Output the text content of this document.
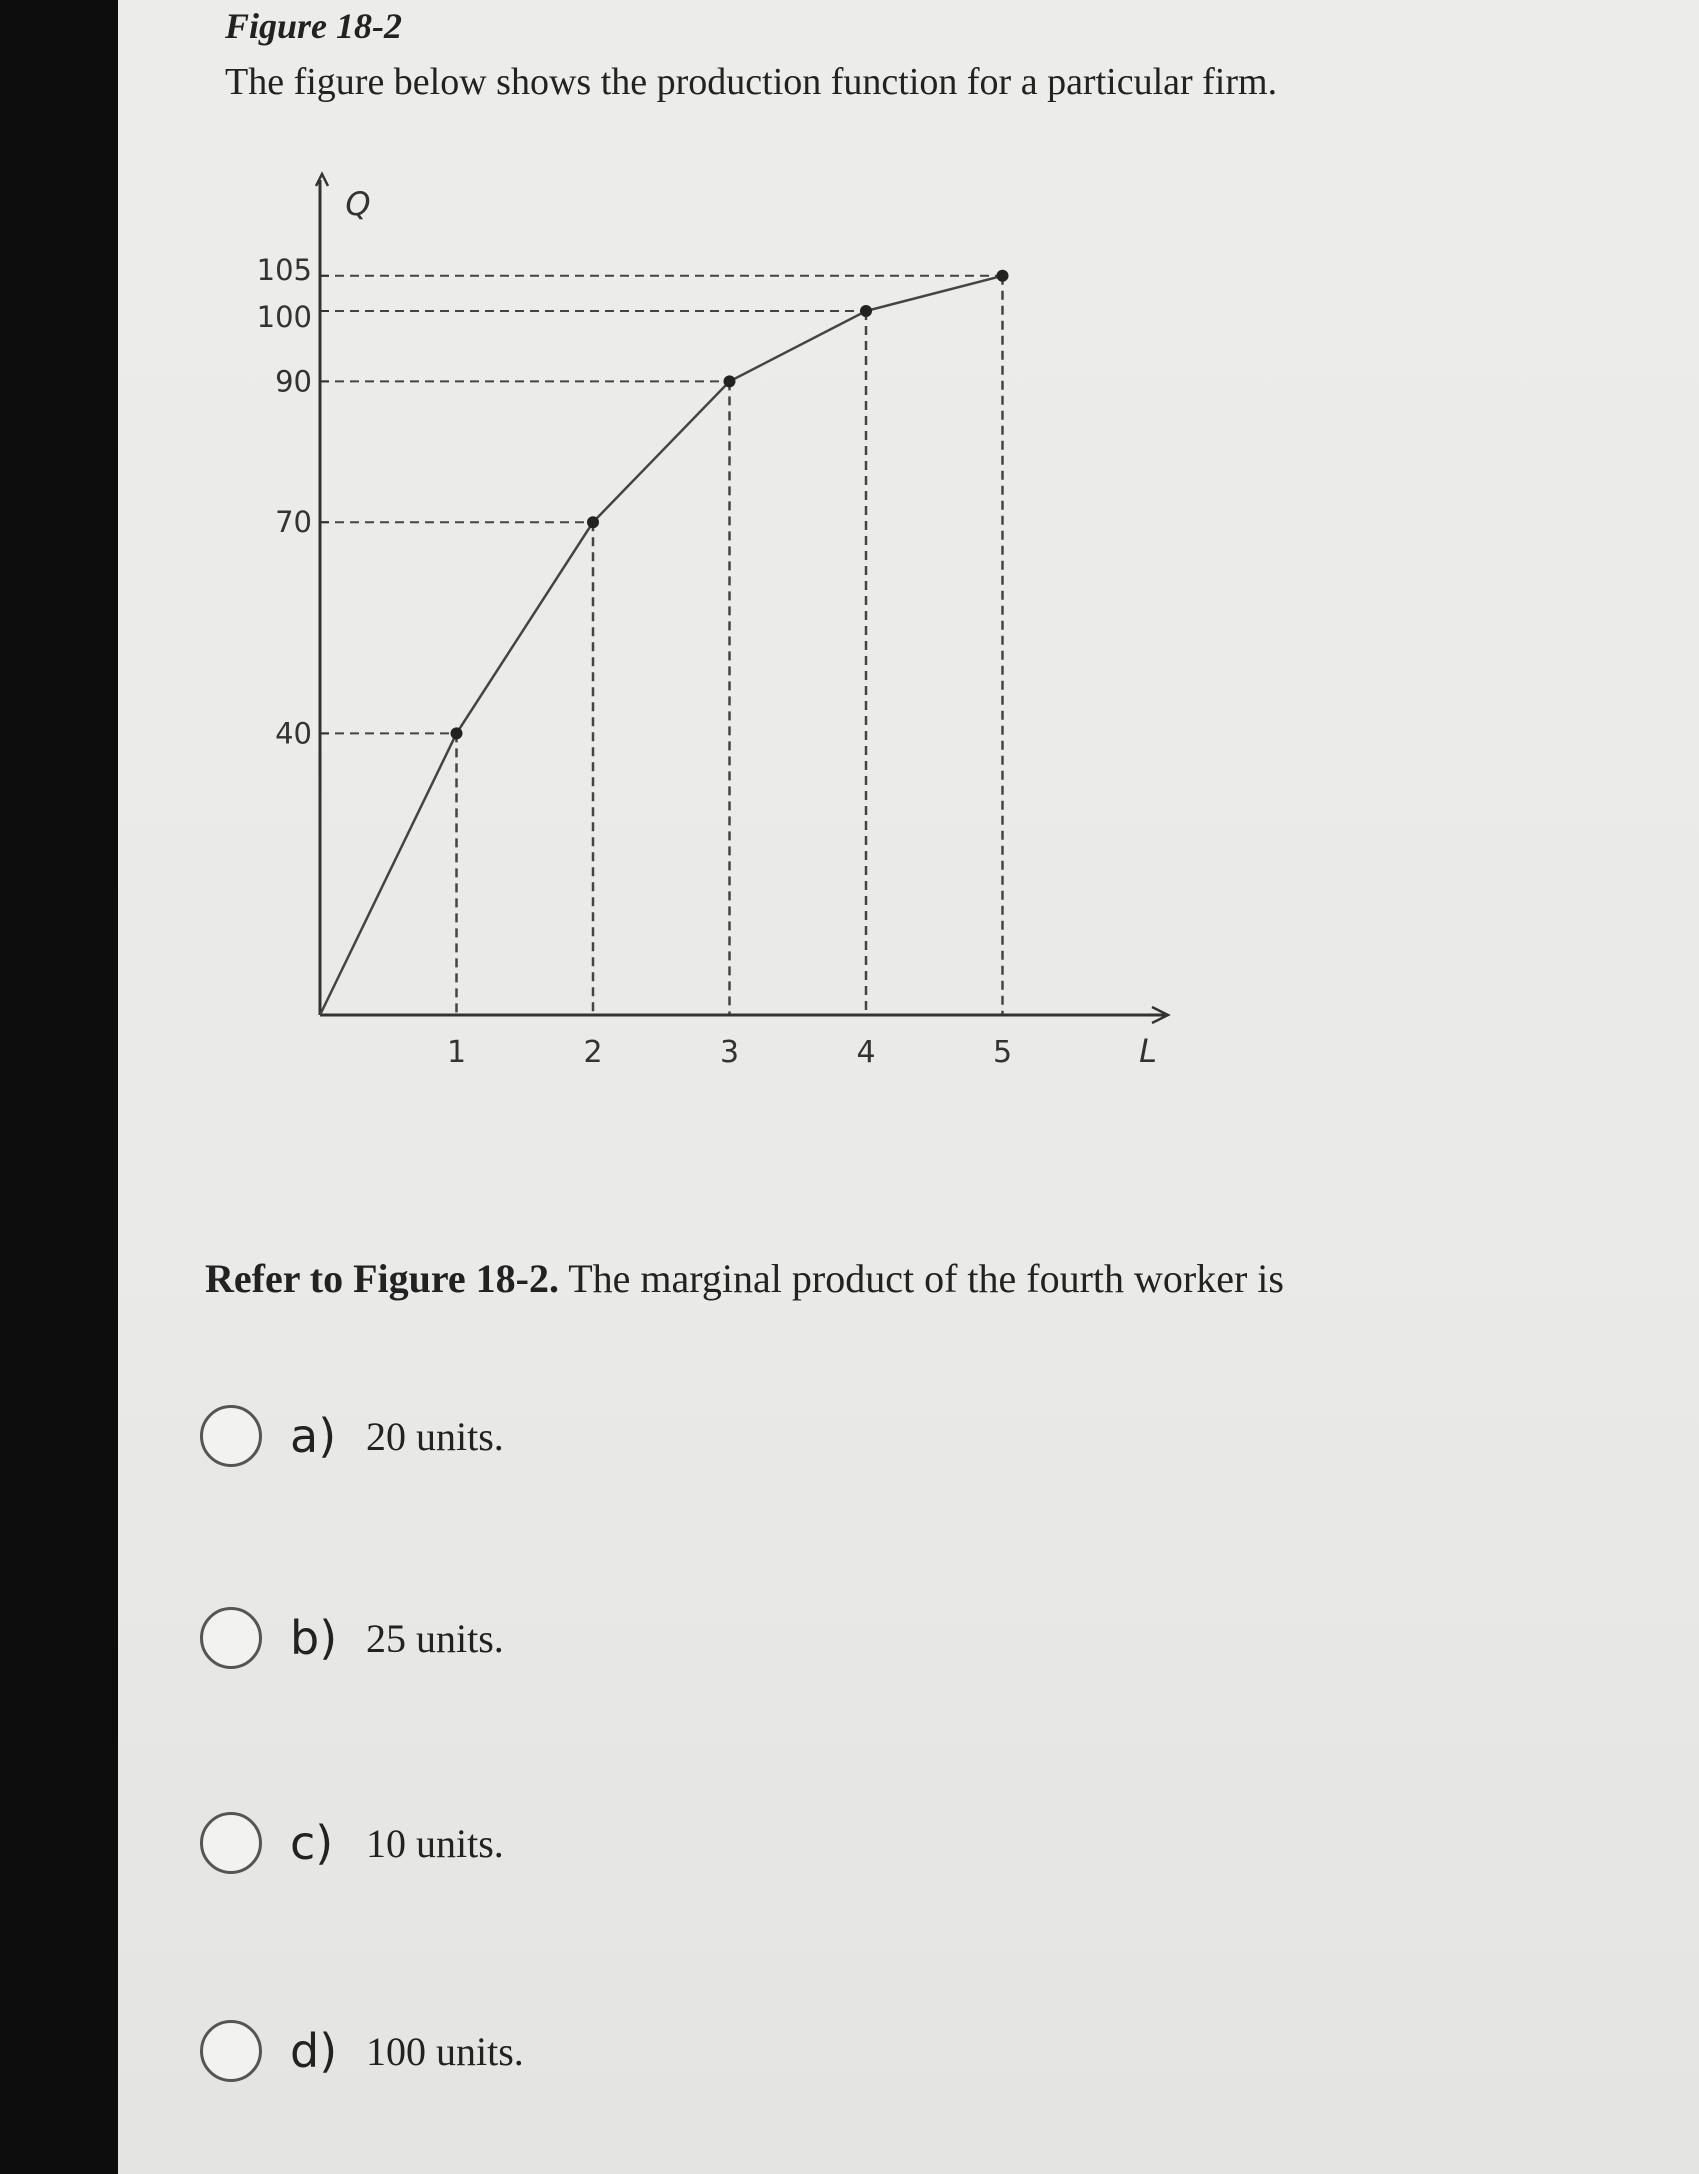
Figure 18-2

The figure below shows the production function for a particular firm.

1	2	3	4	5
40
70
90
100
105
L
Q

Refer to Figure 18-2. The marginal product of the fourth worker is

a) 20 units.
b) 25 units.
c) 10 units.
d) 100 units.
